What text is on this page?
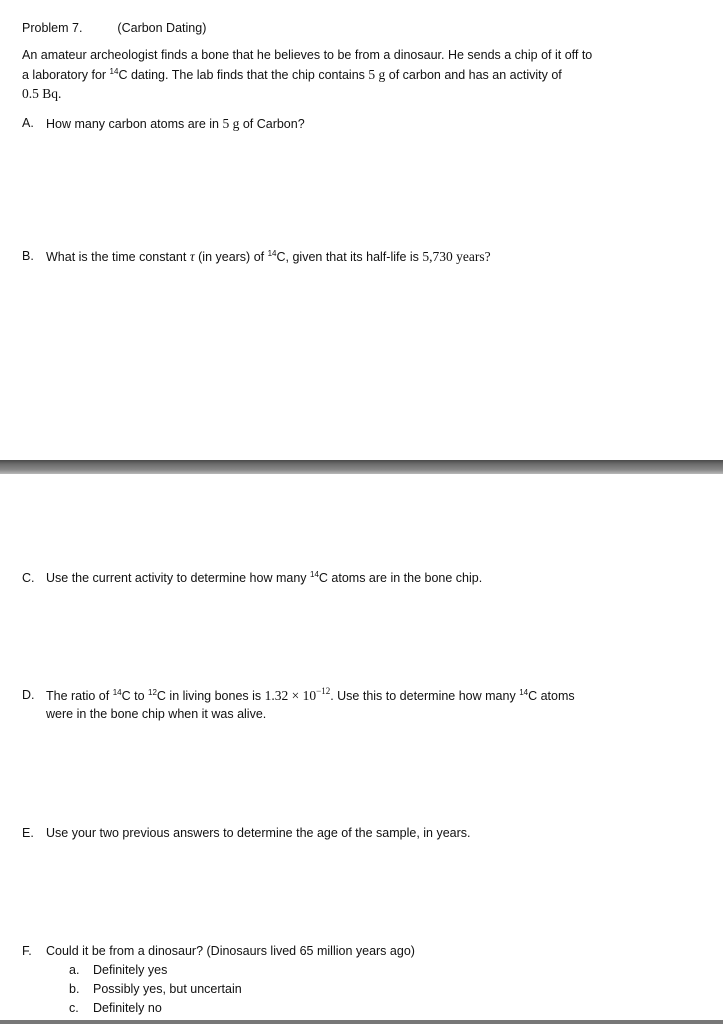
Problem 7.	(Carbon Dating)
An amateur archeologist finds a bone that he believes to be from a dinosaur. He sends a chip of it off to
a laboratory for $^{14}$C dating. The lab finds that the chip contains 5 g of carbon and has an activity of
0.5 Bq.
A. How many carbon atoms are in 5 g of Carbon?
B. What is the time constant τ (in years) of $^{14}$C, given that its half-life is 5,730 years?
C. Use the current activity to determine how many $^{14}$C atoms are in the bone chip.
D. The ratio of $^{14}$C to $^{12}$C in living bones is $1.32 \times 10^{-12}$. Use this to determine how many $^{14}$C atoms
were in the bone chip when it was alive.
E. Use your two previous answers to determine the age of the sample, in years.
F. Could it be from a dinosaur? (Dinosaurs lived 65 million years ago)
a. Definitely yes
b. Possibly yes, but uncertain
c. Definitely no
